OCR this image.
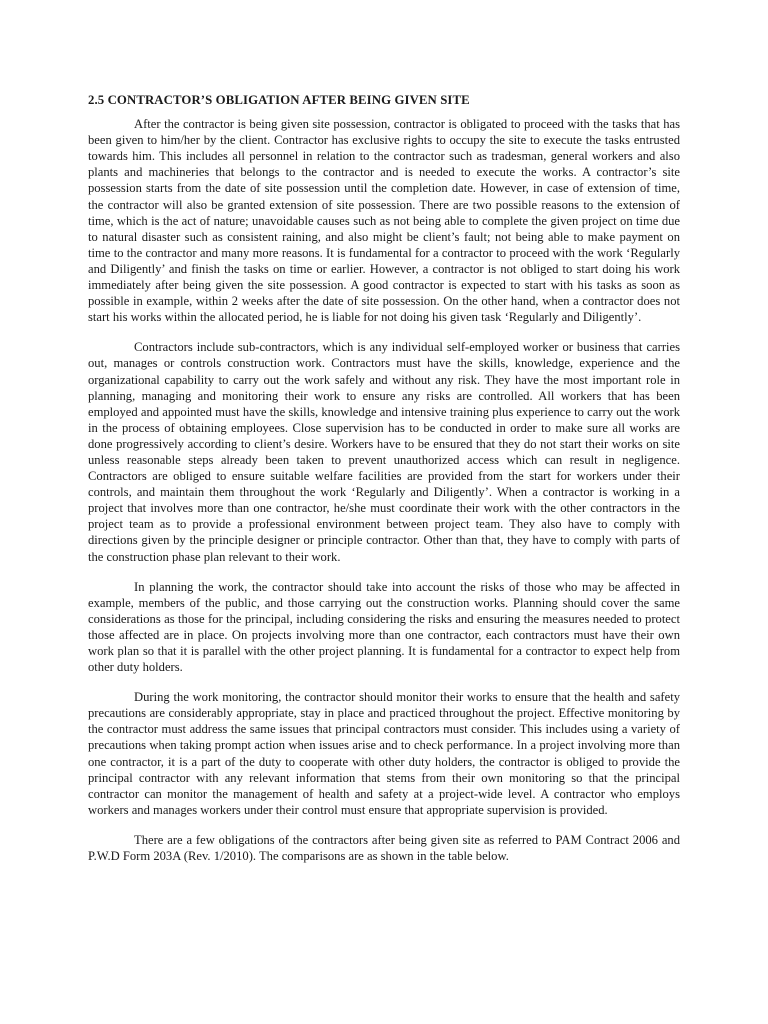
2.5 CONTRACTOR’S OBLIGATION AFTER BEING GIVEN SITE

After the contractor is being given site possession, contractor is obligated to proceed with the tasks that has been given to him/her by the client. Contractor has exclusive rights to occupy the site to execute the tasks entrusted towards him. This includes all personnel in relation to the contractor such as tradesman, general workers and also plants and machineries that belongs to the contractor and is needed to execute the works. A contractor’s site possession starts from the date of site possession until the completion date. However, in case of extension of time, the contractor will also be granted extension of site possession. There are two possible reasons to the extension of time, which is the act of nature; unavoidable causes such as not being able to complete the given project on time due to natural disaster such as consistent raining, and also might be client’s fault; not being able to make payment on time to the contractor and many more reasons. It is fundamental for a contractor to proceed with the work ‘Regularly and Diligently’ and finish the tasks on time or earlier. However, a contractor is not obliged to start doing his work immediately after being given the site possession. A good contractor is expected to start with his tasks as soon as possible in example, within 2 weeks after the date of site possession. On the other hand, when a contractor does not start his works within the allocated period, he is liable for not doing his given task ‘Regularly and Diligently’.

Contractors include sub-contractors, which is any individual self-employed worker or business that carries out, manages or controls construction work. Contractors must have the skills, knowledge, experience and the organizational capability to carry out the work safely and without any risk. They have the most important role in planning, managing and monitoring their work to ensure any risks are controlled. All workers that has been employed and appointed must have the skills, knowledge and intensive training plus experience to carry out the work in the process of obtaining employees. Close supervision has to be conducted in order to make sure all works are done progressively according to client’s desire. Workers have to be ensured that they do not start their works on site unless reasonable steps already been taken to prevent unauthorized access which can result in negligence. Contractors are obliged to ensure suitable welfare facilities are provided from the start for workers under their controls, and maintain them throughout the work ‘Regularly and Diligently’. When a contractor is working in a project that involves more than one contractor, he/she must coordinate their work with the other contractors in the project team as to provide a professional environment between project team. They also have to comply with directions given by the principle designer or principle contractor. Other than that, they have to comply with parts of the construction phase plan relevant to their work.

In planning the work, the contractor should take into account the risks of those who may be affected in example, members of the public, and those carrying out the construction works. Planning should cover the same considerations as those for the principal, including considering the risks and ensuring the measures needed to protect those affected are in place. On projects involving more than one contractor, each contractors must have their own work plan so that it is parallel with the other project planning. It is fundamental for a contractor to expect help from other duty holders.

During the work monitoring, the contractor should monitor their works to ensure that the health and safety precautions are considerably appropriate, stay in place and practiced throughout the project. Effective monitoring by the contractor must address the same issues that principal contractors must consider. This includes using a variety of precautions when taking prompt action when issues arise and to check performance. In a project involving more than one contractor, it is a part of the duty to cooperate with other duty holders, the contractor is obliged to provide the principal contractor with any relevant information that stems from their own monitoring so that the principal contractor can monitor the management of health and safety at a project-wide level. A contractor who employs workers and manages workers under their control must ensure that appropriate supervision is provided.

There are a few obligations of the contractors after being given site as referred to PAM Contract 2006 and P.W.D Form 203A (Rev. 1/2010). The comparisons are as shown in the table below.
